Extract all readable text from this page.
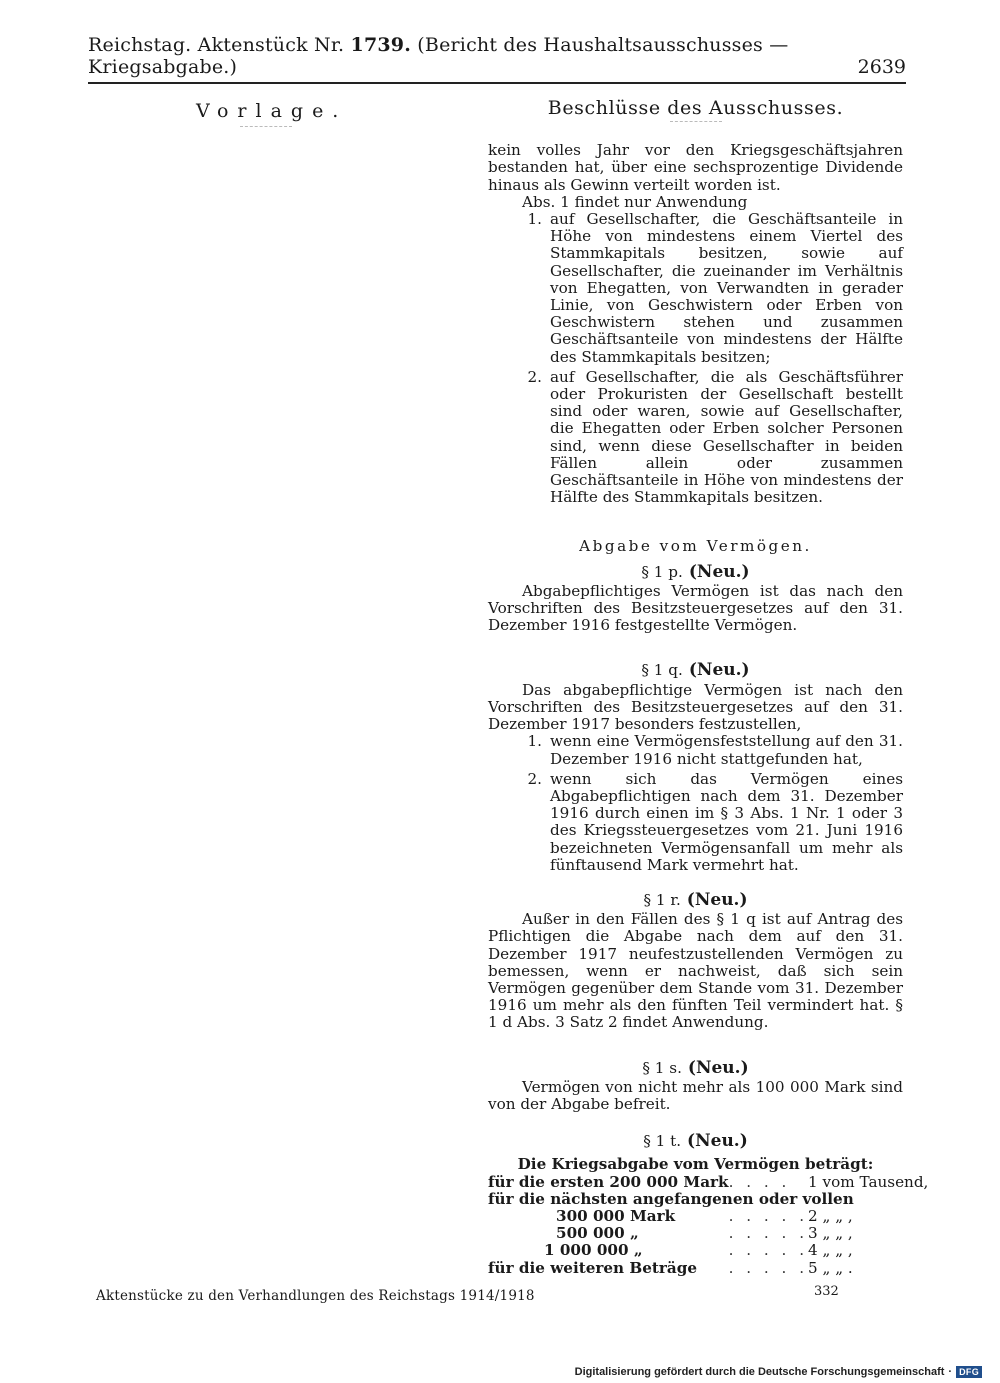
Reichstag. Aktenstück Nr. 1739. (Bericht des Haushaltsausschusses — Kriegsabgabe.)	2639
Vorlage.	Beschlüsse des Ausschusses.

kein volles Jahr vor den Kriegsgeschäftsjahren bestanden hat, über eine sechsprozentige Dividende hinaus als Gewinn verteilt worden ist.

Abs. 1 findet nur Anwendung

1. auf Gesellschafter, die Geschäftsanteile in Höhe von mindestens einem Viertel des Stammkapitals besitzen, sowie auf Gesellschafter, die zueinander im Verhältnis von Ehegatten, von Verwandten in gerader Linie, von Geschwistern oder Erben von Geschwistern stehen und zusammen Geschäftsanteile von mindestens der Hälfte des Stammkapitals besitzen;
2. auf Gesellschafter, die als Geschäftsführer oder Prokuristen der Gesellschaft bestellt sind oder waren, sowie auf Gesellschafter, die Ehegatten oder Erben solcher Personen sind, wenn diese Gesellschafter in beiden Fällen allein oder zusammen Geschäftsanteile in Höhe von mindestens der Hälfte des Stammkapitals besitzen.
Abgabe vom Vermögen.
§ 1 p. (Neu.)

Abgabepflichtiges Vermögen ist das nach den Vorschriften des Besitzsteuergesetzes auf den 31. Dezember 1916 festgestellte Vermögen.

§ 1 q. (Neu.)

Das abgabepflichtige Vermögen ist nach den Vorschriften des Besitzsteuergesetzes auf den 31. Dezember 1917 besonders festzustellen,

1. wenn eine Vermögensfeststellung auf den 31. Dezember 1916 nicht stattgefunden hat,
2. wenn sich das Vermögen eines Abgabepflichtigen nach dem 31. Dezember 1916 durch einen im § 3 Abs. 1 Nr. 1 oder 3 des Kriegssteuergesetzes vom 21. Juni 1916 bezeichneten Vermögensanfall um mehr als fünftausend Mark vermehrt hat.
§ 1 r. (Neu.)

Außer in den Fällen des § 1 q ist auf Antrag des Pflichtigen die Abgabe nach dem auf den 31. Dezember 1917 neufestzustellenden Vermögen zu bemessen, wenn er nachweist, daß sich sein Vermögen gegenüber dem Stande vom 31. Dezember 1916 um mehr als den fünften Teil vermindert hat. § 1 d Abs. 3 Satz 2 findet Anwendung.

§ 1 s. (Neu.)

Vermögen von nicht mehr als 100 000 Mark sind von der Abgabe befreit.

§ 1 t. (Neu.)
Die Kriegsabgabe vom Vermögen beträgt:
für die ersten 200 000 Mark	. . . .	1 vom Tausend,
für die nächsten angefangenen oder vollen		
300 000 Mark	. . . . .	2 „ „ ,
500 000 „	. . . . .	3 „ „ ,
1 000 000 „	. . . . .	4 „ „ ,
für die weiteren Beträge	. . . . .	5 „ „ .
Aktenstücke zu den Verhandlungen des Reichstags 1914/1918	332
Digitalisierung gefördert durch die Deutsche Forschungsgemeinschaft · DFG
